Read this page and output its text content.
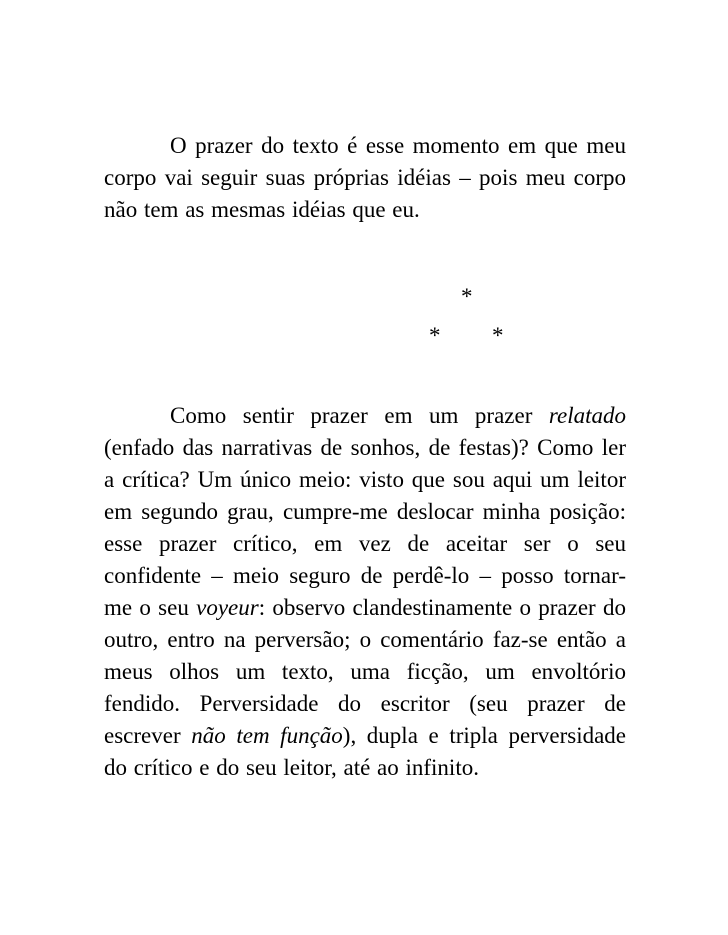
O prazer do texto é esse momento em que meu corpo vai seguir suas próprias idéias – pois meu corpo não tem as mesmas idéias que eu.

*
* *

Como sentir prazer em um prazer relatado (enfado das narrativas de sonhos, de festas)? Como ler a crítica? Um único meio: visto que sou aqui um leitor em segundo grau, cumpre-me deslocar minha posição: esse prazer crítico, em vez de aceitar ser o seu confidente – meio seguro de perdê-lo – posso tornar-me o seu voyeur: observo clandestinamente o prazer do outro, entro na perversão; o comentário faz-se então a meus olhos um texto, uma ficção, um envoltório fendido. Perversidade do escritor (seu prazer de escrever não tem função), dupla e tripla perversidade do crítico e do seu leitor, até ao infinito.
